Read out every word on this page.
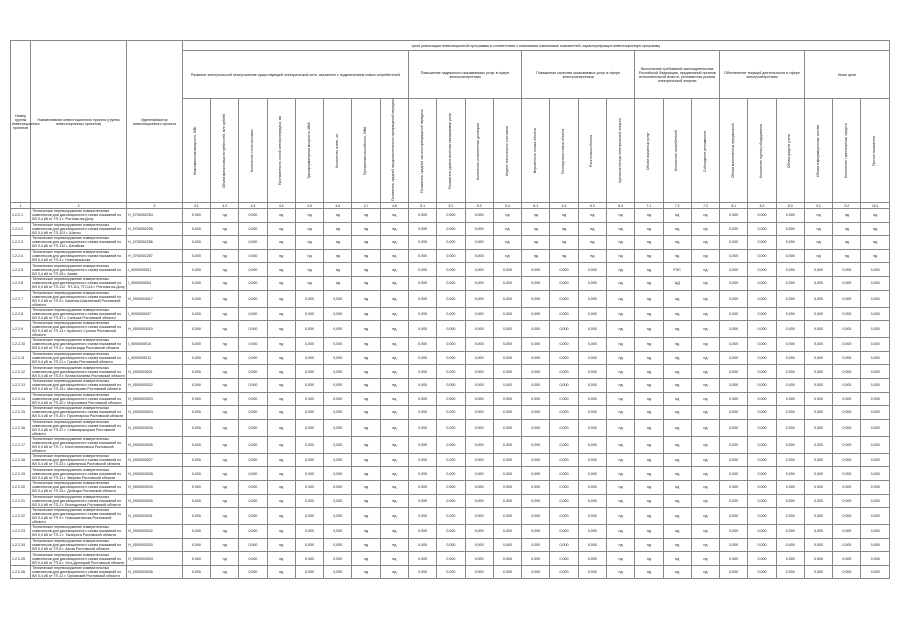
Номер группы инвестиционных проектов	Наименование инвестиционного проекта (группы инвестиционных проектов)	Идентификатор инвестиционного проекта	Цели реализации инвестиционной программы в соответствии с плановыми значениями показателей, характеризующих инвестиционную программу																								
			Развитие электрической сети/усиление существующей электрической сети, связанное с подключением новых потребителей								Повышение надежности оказываемых услуг в сфере электроэнергетики				Повышение качества оказываемых услуг в сфере электроэнергетики				Выполнение требований законодательства Российской Федерации, предписаний органов исполнительной власти, регламентов рынков электрической энергии			Обеспечение текущей деятельности в сфере электроэнергетики			Иные цели		

			Максимальная мощность, МВт	Объем финансовых потребностей, млн рублей	Количество точек поставки	Протяженность линий электропередачи, км	Трансформаторная мощность, МВА	Количество ячеек, шт.	Пропускная способность, МВА	Показатель средней продолжительности прекращений передачи	Показатель средней частоты прекращений передачи	Показатель уровня качества оказываемых услуг	Количество исполненных договоров	Индекс технического состояния	Вероятность отказа объекта	Последствия отказа объекта	Риск отказа объекта	Удельные потери электрической энергии	Объем оказанных услуг	Количество потребителей	Соблюдение регламентов	Объем выполненных предписаний	Количество единиц оборудования	Объем средств учета	Объем информационных систем	Количество транспортных средств	Прочие показатели

1	2	3	4.1	4.2	4.3	4.4	4.5	4.6	4.7	4.8	5.1	5.2	5.3	5.4	6.1	6.2	6.3	6.4	7.1	7.2	7.3	8.1	8.2	8.3	9.1	9.2	10.1
1.2.2.1	Техническое перевооружение измерительных комплексов для дистанционного съема показаний по ВЛ 0,4 кВ от ТП-1 г. Ростова-на-Дону	H_0700002254	0,000	нд	0,000	нд	нд	нд	нд	нд	0,000	0,000	0,000	нд	нд	нд	нд	нд	нд	нд	нд	0,000	0,000	0,000	нд	нд	нд
1.2.2.2	Техническое перевооружение измерительных комплексов для дистанционного съема показаний по ВЛ 0,4 кВ от ТП-101 г. Шахты	H_0700002255	0,000	нд	0,000	нд	нд	нд	нд	нд	0,000	0,000	0,000	нд	нд	нд	нд	нд	нд	нд	нд	0,000	0,000	0,000	нд	нд	нд
1.2.2.3	Техническое перевооружение измерительных комплексов для дистанционного съема показаний по ВЛ 0,4 кВ от ТП-112 г. Батайска	H_0700002256	0,000	нд	0,000	нд	нд	нд	нд	нд	0,000	0,000	0,000	нд	нд	нд	нд	нд	нд	нд	нд	0,000	0,000	0,000	нд	нд	нд
1.2.2.4	Техническое перевооружение измерительных комплексов для дистанционного съема показаний по ВЛ 0,4 кВ от ТП-4 г. Новочеркасска	H_0700002257	0,000	нд	0,000	нд	нд	нд	нд	нд	0,000	0,000	0,000	нд	нд	нд	нд	нд	нд	нд	нд	0,000	0,000	0,000	нд	нд	нд
1.2.2.5	Техническое перевооружение измерительных комплексов для дистанционного съема показаний по ВЛ 0,4 кВ от ТП-28 г. Азова	I_0000000001	0,000	нд	0,000	нд	нд	нд	нд	нд	0,000	0,000	0,000	0,000	0,000	0,000	0,000	нд	нд	РЭС	нд	0,000	0,000	0,000	0,000	0,000	0,000
1.2.2.6	Техническое перевооружение измерительных комплексов для дистанционного съема показаний по ВЛ 0,4 кВ от ТП-112, ТП-113, ТП-114 г. Ростова-на-Дону	I_0000000004	0,000	нд	0,000	нд	нд	нд	нд	нд	0,000	0,000	0,000	0,000	0,000	0,000	0,000	нд	нд	ЦД	нд	0,000	0,000	0,000	0,000	0,000	0,000
1.2.2.7	Техническое перевооружение измерительных комплексов для дистанционного съема показаний по ВЛ 0,4 кВ от ТП-9 г. Каменск-Шахтинский Ростовской области	H_0000003017	0,000	нд	0,000	нд	0,000	0,000	нд	нд	0,000	0,000	0,000	0,000	0,000	0,000	0,000	нд	нд	нд	нд	0,000	0,000	0,000	0,000	0,000	0,000
1.2.2.8	Техническое перевооружение измерительных комплексов для дистанционного съема показаний по ВЛ 0,4 кВ от ТП-57 г. Сальска Ростовской области	I_0000000007	0,000	нд	0,000	нд	0,000	0,000	нд	нд	0,000	0,000	0,000	0,000	0,000	0,000	0,000	нд	нд	нд	нд	0,000	0,000	0,000	0,000	0,000	0,000
1.2.2.9	Техническое перевооружение измерительных комплексов для дистанционного съема показаний по ВЛ 0,4 кВ от ТП-14 г. Красного Сулина Ростовской области	H_0000003019	0,000	нд	0,000	нд	0,000	0,000	нд	нд	0,000	0,000	0,000	0,000	0,000	0,000	0,000	нд	нд	нд	нд	0,000	0,000	0,000	0,000	0,000	0,000
1.2.2.10	Техническое перевооружение измерительных комплексов для дистанционного съема показаний по ВЛ 0,4 кВ от ТП-3 г. Зернограда Ростовской области	I_0000000010	0,000	нд	0,000	нд	0,000	0,000	нд	нд	0,000	0,000	0,000	0,000	0,000	0,000	0,000	нд	нд	нд	нд	0,000	0,000	0,000	0,000	0,000	0,000
1.2.2.11	Техническое перевооружение измерительных комплексов для дистанционного съема показаний по ВЛ 0,4 кВ от ТП-21 г. Гуково Ростовской области	I_0000000012	0,000	нд	0,000	нд	0,000	0,000	нд	нд	0,000	0,000	0,000	0,000	0,000	0,000	0,000	нд	нд	нд	нд	0,000	0,000	0,000	0,000	0,000	0,000
1.2.2.12	Техническое перевооружение измерительных комплексов для дистанционного съема показаний по ВЛ 0,4 кВ от ТП-5 г. Белая Калитва Ростовской области	H_0000003021	0,000	нд	0,000	нд	0,000	0,000	нд	нд	0,000	0,000	0,000	0,000	0,000	0,000	0,000	нд	нд	нд	нд	0,000	0,000	0,000	0,000	0,000	0,000
1.2.2.13	Техническое перевооружение измерительных комплексов для дистанционного съема показаний по ВЛ 0,4 кВ от ТП-18 г. Миллерово Ростовской области	H_0000003022	0,000	нд	0,000	нд	0,000	0,000	нд	нд	0,000	0,000	0,000	0,000	0,000	0,000	0,000	нд	нд	нд	нд	0,000	0,000	0,000	0,000	0,000	0,000
1.2.2.14	Техническое перевооружение измерительных комплексов для дистанционного съема показаний по ВЛ 0,4 кВ от ТП-30 г. Морозовска Ростовской области	H_0000003023	0,000	нд	0,000	нд	0,000	0,000	нд	нд	0,000	0,000	0,000	0,000	0,000	0,000	0,000	нд	нд	нд	нд	0,000	0,000	0,000	0,000	0,000	0,000
1.2.2.15	Техническое перевооружение измерительных комплексов для дистанционного съема показаний по ВЛ 0,4 кВ от ТП-40 г. Пролетарска Ростовской области	H_0000003024	0,000	нд	0,000	нд	0,000	0,000	нд	нд	0,000	0,000	0,000	0,000	0,000	0,000	0,000	нд	нд	нд	нд	0,000	0,000	0,000	0,000	0,000	0,000
1.2.2.16	Техническое перевооружение измерительных комплексов для дистанционного съема показаний по ВЛ 0,4 кВ от ТП-22 г. Семикаракорска Ростовской области	H_0000003025	0,000	нд	0,000	нд	0,000	0,000	нд	нд	0,000	0,000	0,000	0,000	0,000	0,000	0,000	нд	нд	нд	нд	0,000	0,000	0,000	0,000	0,000	0,000
1.2.2.17	Техническое перевооружение измерительных комплексов для дистанционного съема показаний по ВЛ 0,4 кВ от ТП-7 г. Константиновска Ростовской области	H_0000003026	0,000	нд	0,000	нд	0,000	0,000	нд	нд	0,000	0,000	0,000	0,000	0,000	0,000	0,000	нд	нд	нд	нд	0,000	0,000	0,000	0,000	0,000	0,000
1.2.2.18	Техническое перевооружение измерительных комплексов для дистанционного съема показаний по ВЛ 0,4 кВ от ТП-33 г. Цимлянска Ростовской области	H_0000003027	0,000	нд	0,000	нд	0,000	0,000	нд	нд	0,000	0,000	0,000	0,000	0,000	0,000	0,000	нд	нд	нд	нд	0,000	0,000	0,000	0,000	0,000	0,000
1.2.2.19	Техническое перевооружение измерительных комплексов для дистанционного съема показаний по ВЛ 0,4 кВ от ТП-11 г. Зверево Ростовской области	H_0000003028	0,000	нд	0,000	нд	0,000	0,000	нд	нд	0,000	0,000	0,000	0,000	0,000	0,000	0,000	нд	нд	нд	нд	0,000	0,000	0,000	0,000	0,000	0,000
1.2.2.20	Техническое перевооружение измерительных комплексов для дистанционного съема показаний по ВЛ 0,4 кВ от ТП-15 г. Донецка Ростовской области	H_0000003029	0,000	нд	0,000	нд	0,000	0,000	нд	нд	0,000	0,000	0,000	0,000	0,000	0,000	0,000	нд	нд	нд	нд	0,000	0,000	0,000	0,000	0,000	0,000
1.2.2.21	Техническое перевооружение измерительных комплексов для дистанционного съема показаний по ВЛ 0,4 кВ от ТП-2 г. Волгодонска Ростовской области	H_0000003030	0,000	нд	0,000	нд	0,000	0,000	нд	нд	0,000	0,000	0,000	0,000	0,000	0,000	0,000	нд	нд	нд	нд	0,000	0,000	0,000	0,000	0,000	0,000
1.2.2.22	Техническое перевооружение измерительных комплексов для дистанционного съема показаний по ВЛ 0,4 кВ от ТП-9 г. Новошахтинска Ростовской области	H_0000003031	0,000	нд	0,000	нд	0,000	0,000	нд	нд	0,000	0,000	0,000	0,000	0,000	0,000	0,000	нд	нд	нд	нд	0,000	0,000	0,000	0,000	0,000	0,000
1.2.2.23	Техническое перевооружение измерительных комплексов для дистанционного съема показаний по ВЛ 0,4 кВ от ТП-1 г. Таганрога Ростовской области	H_0000003032	0,000	нд	0,000	нд	0,000	0,000	нд	нд	0,000	0,000	0,000	0,000	0,000	0,000	0,000	нд	нд	нд	нд	0,000	0,000	0,000	0,000	0,000	0,000
1.2.2.24	Техническое перевооружение измерительных комплексов для дистанционного съема показаний по ВЛ 0,4 кВ от ТП-6 г. Аксая Ростовской области	H_0000003033	0,000	нд	0,000	нд	0,000	0,000	нд	нд	0,000	0,000	0,000	0,000	0,000	0,000	0,000	нд	нд	нд	нд	0,000	0,000	0,000	0,000	0,000	0,000
1.2.2.25	Техническое перевооружение измерительных комплексов для дистанционного съема показаний по ВЛ 0,4 кВ от ТП-8 г. Усть-Донецкий Ростовской области	H_0000003034	0,000	нд	0,000	нд	0,000	0,000	нд	нд	0,000	0,000	0,000	0,000	0,000	0,000	0,000	нд	нд	нд	нд	0,000	0,000	0,000	0,000	0,000	0,000
1.2.2.26	Техническое перевооружение измерительных комплексов для дистанционного съема показаний по ВЛ 0,4 кВ от ТП-12 г. Орловский Ростовской области	H_0000003035	0,000	нд	0,000	нд	0,000	0,000	нд	нд	0,000	0,000	0,000	0,000	0,000	0,000	0,000	нд	нд	нд	нд	0,000	0,000	0,000	0,000	0,000	0,000
